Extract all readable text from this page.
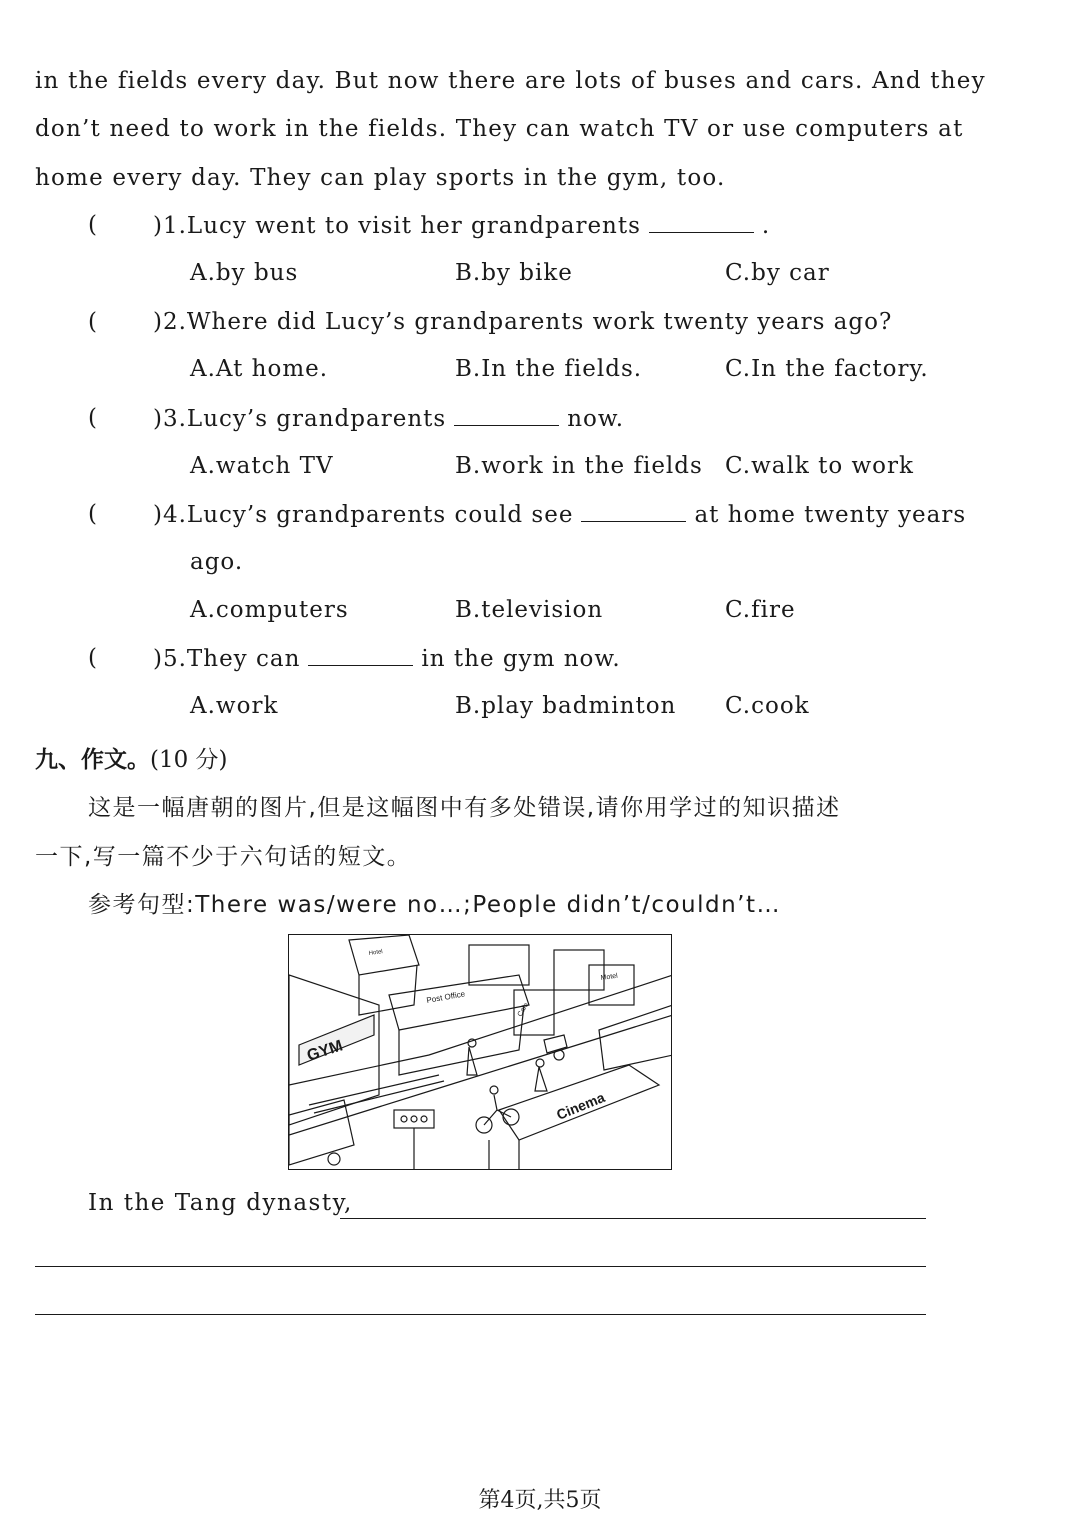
in the fields every day. But now there are lots of buses and cars. And they
don’t need to work in the fields. They can watch TV or use computers at
home every day. They can play sports in the gym, too.
( )1.Lucy went to visit her grandparents	.
A.by bus	B.by bike	C.by car
( )2.Where did Lucy’s grandparents work twenty years ago?
A.At home.	B.In the fields.	C.In the factory.
( )3.Lucy’s grandparents	now.
A.watch TV	B.work in the fields C.walk to work
( )4.Lucy’s grandparents could see	at home twenty years
ago.
A.computers	B.television	C.fire
( )5.They can	in the gym now.
A.work	B.play badminton C.cook
九、作文。(10 分)
这是一幅唐朝的图片,但是这幅图中有多处错误,请你用学过的知识描述
一下,写一篇不少于六句话的短文。
参考句型:There was/were no…;People didn’t/couldn’t…
GYM
Post Office
Hotel
Cafe
Cinema
Motel
In the Tang dynasty,
第4页,共5页
